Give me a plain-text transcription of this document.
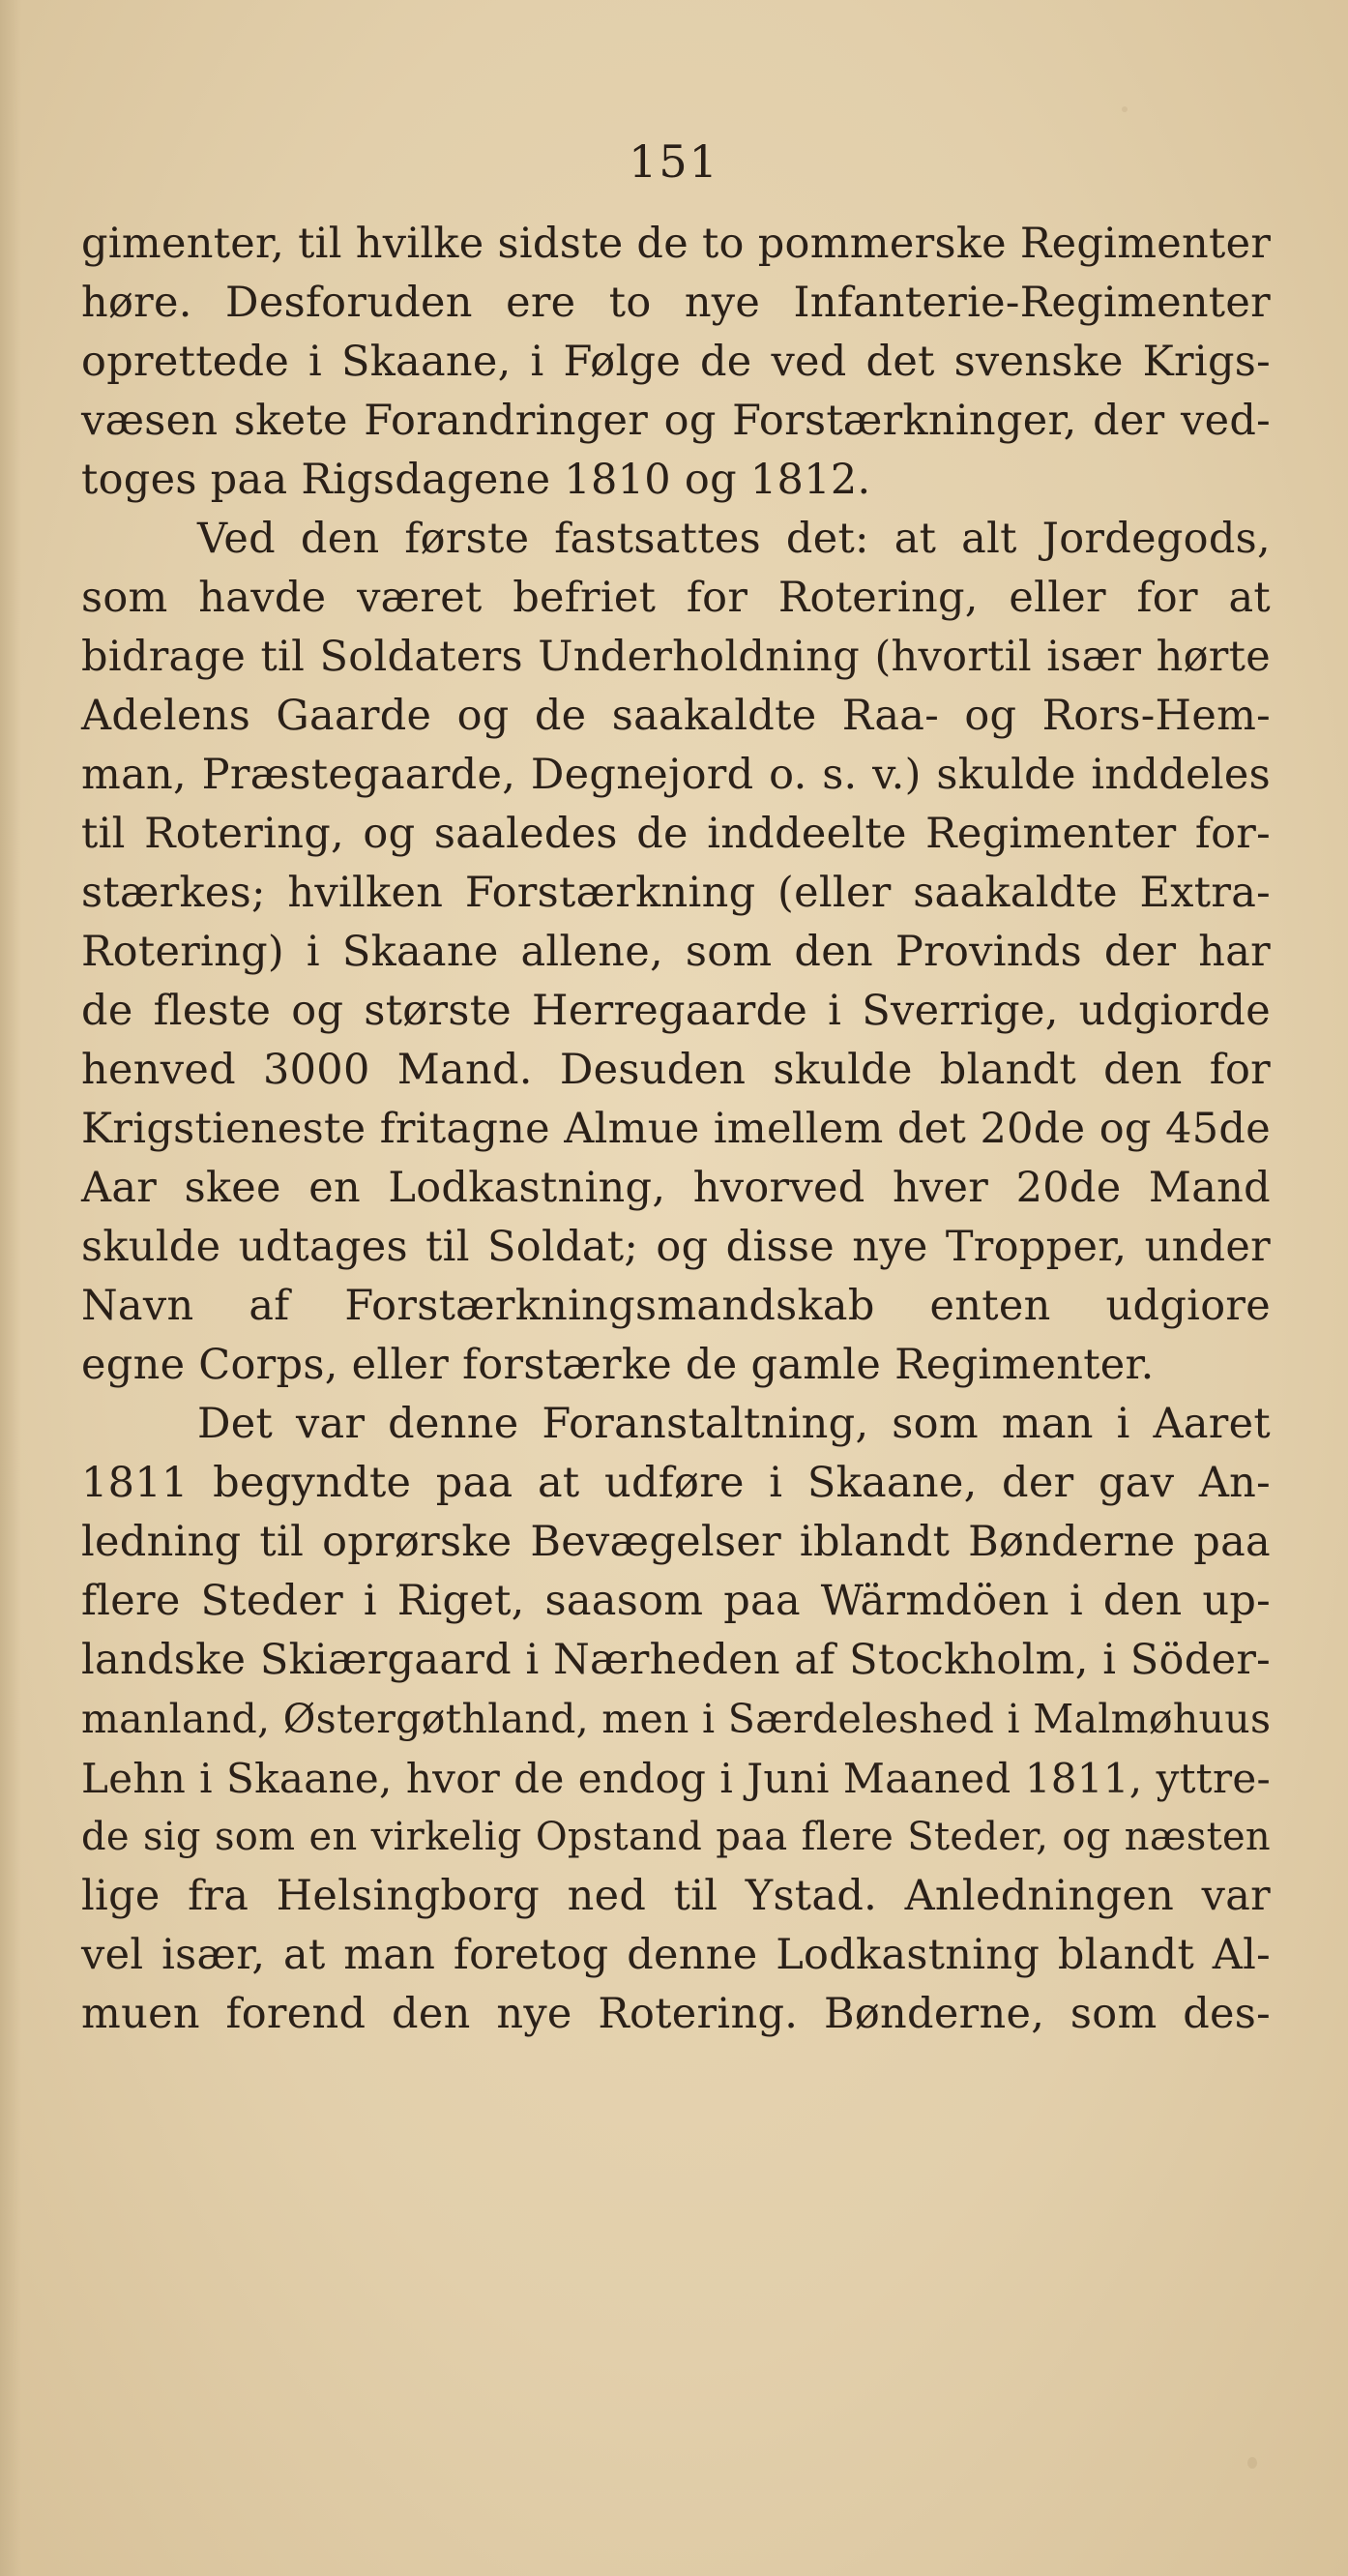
151
gimenter, til hvilke sidste de to pommerske Regimenter
høre. Desforuden ere to nye Infanterie-Regimenter
oprettede i Skaane, i Følge de ved det svenske Krigs-
væsen skete Forandringer og Forstærkninger, der ved-
toges paa Rigsdagene 1810 og 1812.
Ved den første fastsattes det: at alt Jordegods,
som havde været befriet for Rotering, eller for at
bidrage til Soldaters Underholdning (hvortil især hørte
Adelens Gaarde og de saakaldte Raa- og Rors-Hem-
man, Præstegaarde, Degnejord o. s. v.) skulde inddeles
til Rotering, og saaledes de inddeelte Regimenter for-
stærkes; hvilken Forstærkning (eller saakaldte Extra-
Rotering) i Skaane allene, som den Provinds der har
de fleste og største Herregaarde i Sverrige, udgiorde
henved 3000 Mand. Desuden skulde blandt den for
Krigstieneste fritagne Almue imellem det 20de og 45de
Aar skee en Lodkastning, hvorved hver 20de Mand
skulde udtages til Soldat; og disse nye Tropper, under
Navn af Forstærkningsmandskab enten udgiore
egne Corps, eller forstærke de gamle Regimenter.
Det var denne Foranstaltning, som man i Aaret
1811 begyndte paa at udføre i Skaane, der gav An-
ledning til oprørske Bevægelser iblandt Bønderne paa
flere Steder i Riget, saasom paa Wärmdöen i den up-
landske Skiærgaard i Nærheden af Stockholm, i Söder-
manland, Østergøthland, men i Særdeleshed i Malmøhuus
Lehn i Skaane, hvor de endog i Juni Maaned 1811, yttre-
de sig som en virkelig Opstand paa flere Steder, og næsten
lige fra Helsingborg ned til Ystad. Anledningen var
vel især, at man foretog denne Lodkastning blandt Al-
muen forend den nye Rotering. Bønderne, som des-
